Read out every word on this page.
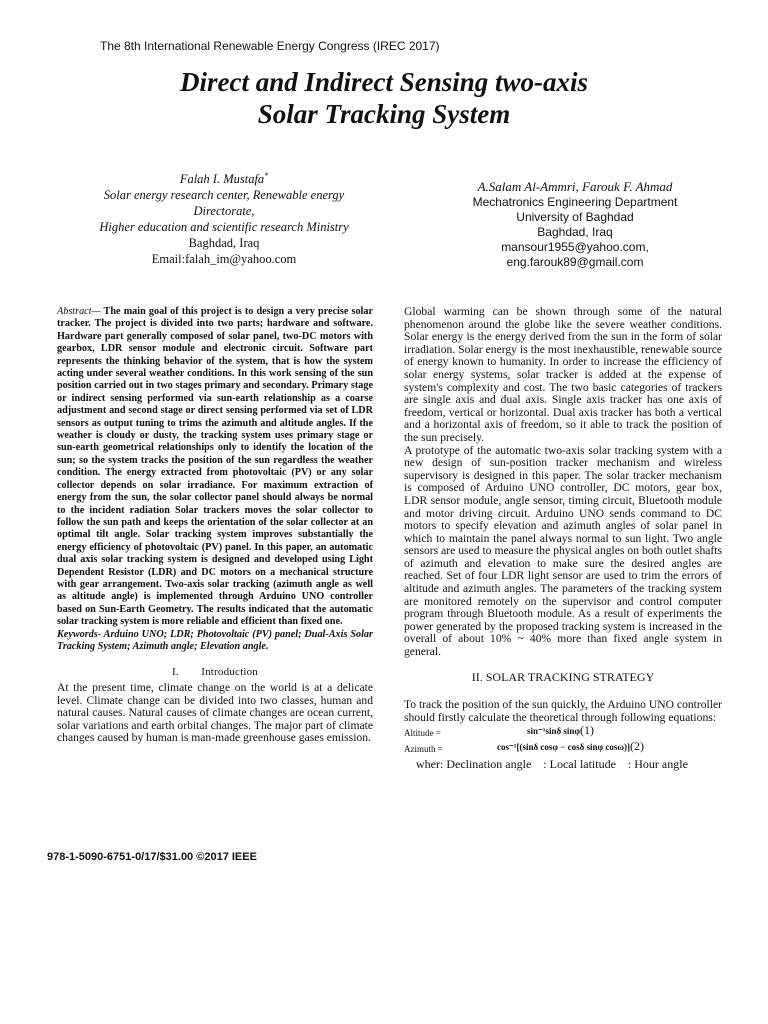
The 8th International Renewable Energy Congress (IREC 2017)
Direct and Indirect Sensing two-axis
Solar Tracking System
Falah I. Mustafa*
Solar energy research center, Renewable energy
Directorate,
Higher education and scientific research Ministry
Baghdad, Iraq
Email:falah_im@yahoo.com
A.Salam Al-Ammri, Farouk F. Ahmad
Mechatronics Engineering Department
University of Baghdad
Baghdad, Iraq
mansour1955@yahoo.com,
eng.farouk89@gmail.com

Abstract— The main goal of this project is to design a very precise solar tracker. The project is divided into two parts; hardware and software. Hardware part generally composed of solar panel, two-DC motors with gearbox, LDR sensor module and electronic circuit. Software part represents the thinking behavior of the system, that is how the system acting under several weather conditions. In this work sensing of the sun position carried out in two stages primary and secondary. Primary stage or indirect sensing performed via sun-earth relationship as a coarse adjustment and second stage or direct sensing performed via set of LDR sensors as output tuning to trims the azimuth and altitude angles. If the weather is cloudy or dusty, the tracking system uses primary stage or sun-earth geometrical relationships only to identify the location of the sun; so the system tracks the position of the sun regardless the weather condition. The energy extracted from photovoltaic (PV) or any solar collector depends on solar irradiance. For maximum extraction of energy from the sun, the solar collector panel should always be normal to the incident radiation Solar trackers moves the solar collector to follow the sun path and keeps the orientation of the solar collector at an optimal tilt angle. Solar tracking system improves substantially the energy efficiency of photovoltaic (PV) panel. In this paper, an automatic dual axis solar tracking system is designed and developed using Light Dependent Resistor (LDR) and DC motors on a mechanical structure with gear arrangement. Two-axis solar tracking (azimuth angle as well as altitude angle) is implemented through Arduino UNO controller based on Sun-Earth Geometry. The results indicated that the automatic solar tracking system is more reliable and efficient than fixed one.

Keywords- Arduino UNO; LDR; Photovoltaic (PV) panel; Dual-Axis Solar Tracking System; Azimuth angle; Elevation angle.

I.  Introduction

At the present time, climate change on the world is at a delicate level. Climate change can be divided into two classes, human and natural causes. Natural causes of climate changes are ocean current, solar variations and earth orbital changes. The major part of climate changes caused by human is man-made greenhouse gases emission.

978-1-5090-6751-0/17/$31.00 ©2017 IEEE

Global warming can be shown through some of the natural phenomenon around the globe like the severe weather conditions. Solar energy is the energy derived from the sun in the form of solar irradiation. Solar energy is the most inexhaustible, renewable source of energy known to humanity. In order to increase the efficiency of solar energy systems, solar tracker is added at the expense of system's complexity and cost. The two basic categories of trackers are single axis and dual axis. Single axis tracker has one axis of freedom, vertical or horizontal. Dual axis tracker has both a vertical and a horizontal axis of freedom, so it able to track the position of the sun precisely.

A prototype of the automatic two-axis solar tracking system with a new design of sun-position tracker mechanism and wireless supervisory is designed in this paper. The solar tracker mechanism is composed of Arduino UNO controller, DC motors, gear box, LDR sensor module, angle sensor, timing circuit, Bluetooth module and motor driving circuit. Arduino UNO sends command to DC motors to specify elevation and azimuth angles of solar panel in which to maintain the panel always normal to sun light. Two angle sensors are used to measure the physical angles on both outlet shafts of azimuth and elevation to make sure the desired angles are reached. Set of four LDR light sensor are used to trim the errors of altitude and azimuth angles. The parameters of the tracking system are monitored remotely on the supervisor and control computer program through Bluetooth module. As a result of experiments the power generated by the proposed tracking system is increased in the overall of about 10% ~ 40% more than fixed angle system in general.

II. SOLAR TRACKING STRATEGY

To track the position of the sun quickly, the Arduino UNO controller should firstly calculate the theoretical through following equations:

Altitude =	sin⁻¹sinδ sinφ(1)
Azimuth =	cos⁻¹[(sinδ cosφ − cosδ sinφ cosω)](2)
wher: Declination angle : Local latitude : Hour angle
